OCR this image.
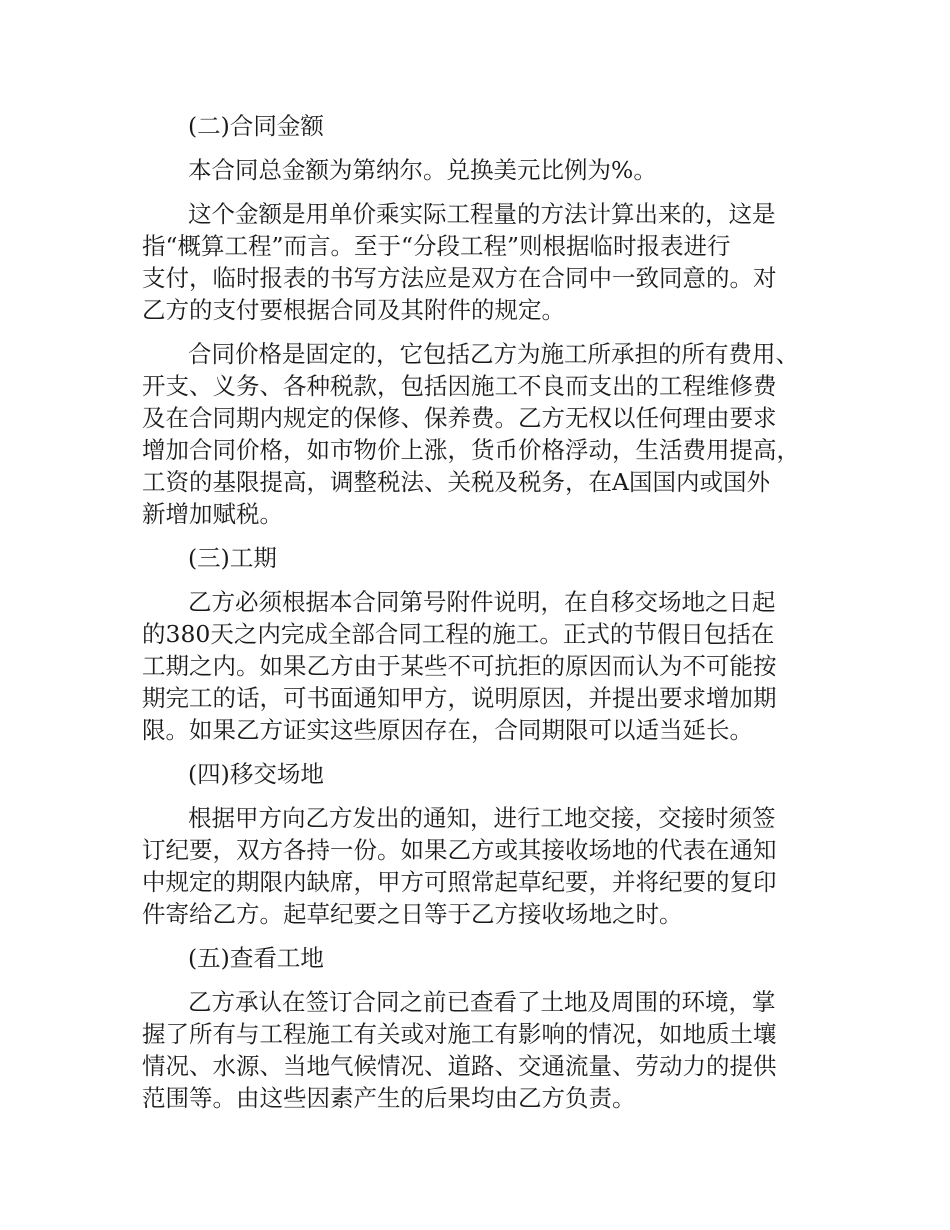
(二)合同金额
本合同总金额为第纳尔。兑换美元比例为%。
这个金额是用单价乘实际工程量的方法计算出来的，这是
指“概算工程”而言。至于“分段工程”则根据临时报表进行
支付，临时报表的书写方法应是双方在合同中一致同意的。对
乙方的支付要根据合同及其附件的规定。
合同价格是固定的，它包括乙方为施工所承担的所有费用、
开支、义务、各种税款，包括因施工不良而支出的工程维修费
及在合同期内规定的保修、保养费。乙方无权以任何理由要求
增加合同价格，如市物价上涨，货币价格浮动，生活费用提高，
工资的基限提高，调整税法、关税及税务，在A国国内或国外
新增加赋税。
(三)工期
乙方必须根据本合同第号附件说明，在自移交场地之日起
的380天之内完成全部合同工程的施工。正式的节假日包括在
工期之内。如果乙方由于某些不可抗拒的原因而认为不可能按
期完工的话，可书面通知甲方，说明原因，并提出要求增加期
限。如果乙方证实这些原因存在，合同期限可以适当延长。
(四)移交场地
根据甲方向乙方发出的通知，进行工地交接，交接时须签
订纪要，双方各持一份。如果乙方或其接收场地的代表在通知
中规定的期限内缺席，甲方可照常起草纪要，并将纪要的复印
件寄给乙方。起草纪要之日等于乙方接收场地之时。
(五)查看工地
乙方承认在签订合同之前已查看了土地及周围的环境，掌
握了所有与工程施工有关或对施工有影响的情况，如地质土壤
情况、水源、当地气候情况、道路、交通流量、劳动力的提供
范围等。由这些因素产生的后果均由乙方负责。
